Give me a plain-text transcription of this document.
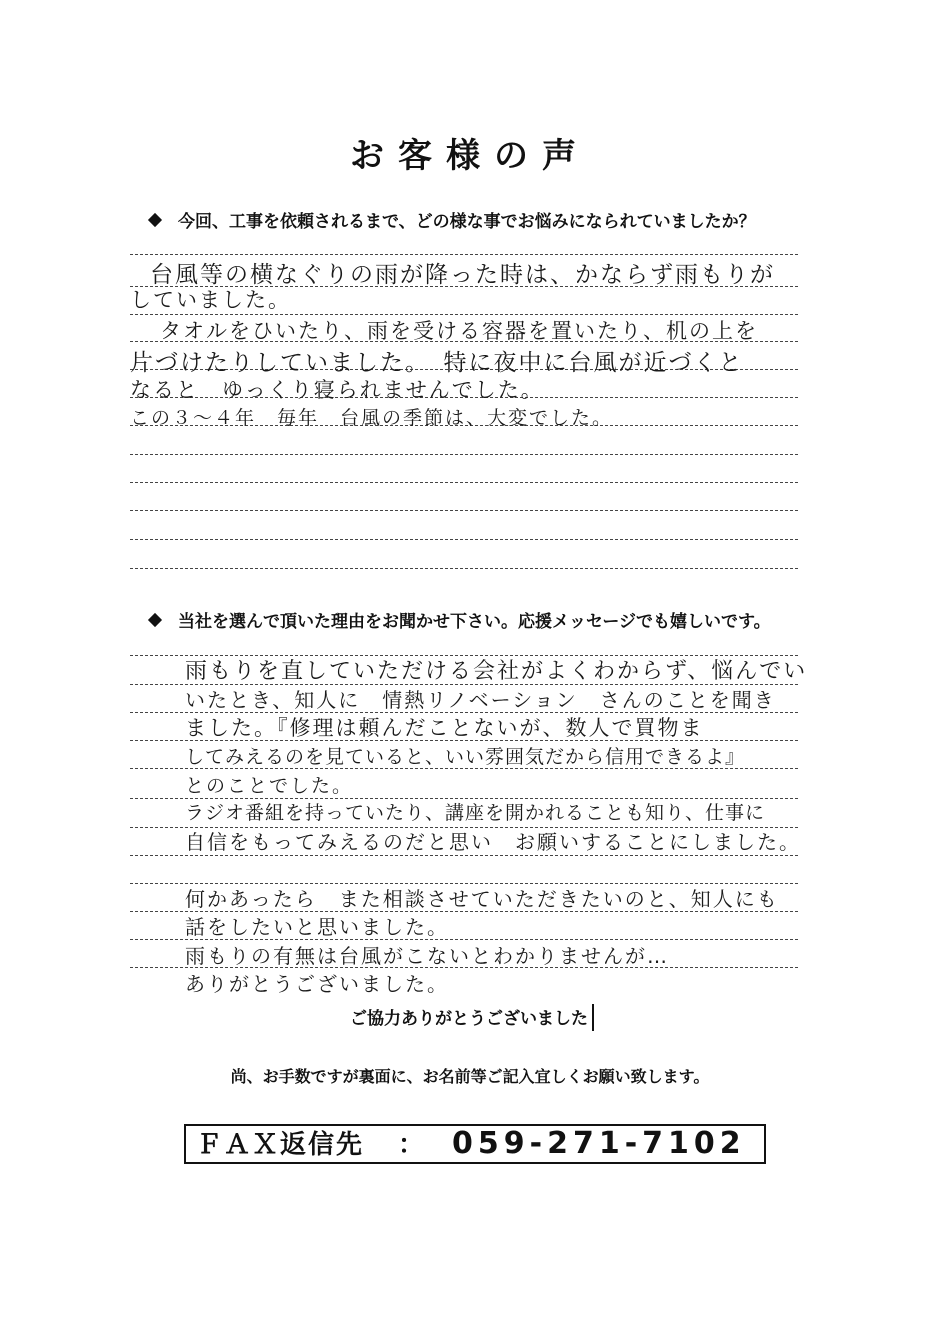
お客様の声
今回、工事を依頼されるまで、どの様な事でお悩みになられていましたか？
台風等の横なぐりの雨が降った時は、かならず雨もりが
していました。
タオルをひいたり、雨を受ける容器を置いたり、机の上を
片づけたりしていました。　特に夜中に台風が近づくと
なると　ゆっくり寝られませんでした。
この３～４年　毎年　台風の季節は、大変でした。
当社を選んで頂いた理由をお聞かせ下さい。応援メッセージでも嬉しいです。
雨もりを直していただける会社がよくわからず、悩んでい
いたとき、知人に　情熱リノベーション　さんのことを聞き
ました。『修理は頼んだことないが、数人で買物ま
してみえるのを見ていると、いい雰囲気だから信用できるよ』
とのことでした。
ラジオ番組を持っていたり、講座を開かれることも知り、仕事に
自信をもってみえるのだと思い　お願いすることにしました。
何かあったら　また相談させていただきたいのと、知人にも
話をしたいと思いました。
雨もりの有無は台風がこないとわかりませんが…
ありがとうございました。
ご協力ありがとうございました
尚、お手数ですが裏面に、お名前等ご記入宜しくお願い致します。
ＦＡＸ返信先 ： 059-271-7102
